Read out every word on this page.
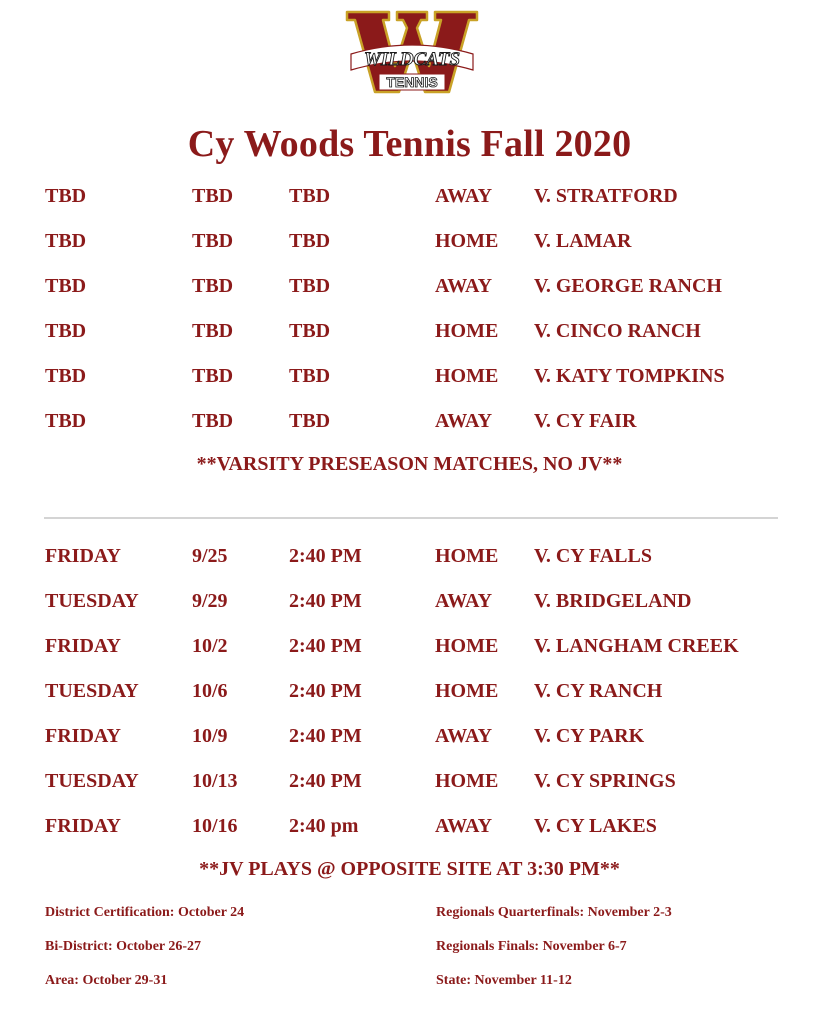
WILDCATS
TENNIS
Cy Woods Tennis Fall 2020
TBD	TBD	TBD	AWAY V. STRATFORD
TBD	TBD	TBD	HOME V. LAMAR
TBD	TBD	TBD	AWAY V. GEORGE RANCH
TBD	TBD	TBD	HOME V. CINCO RANCH
TBD	TBD	TBD	HOME V. KATY TOMPKINS
TBD	TBD	TBD	AWAY V. CY FAIR
**VARSITY PRESEASON MATCHES, NO JV**
FRIDAY	9/25	2:40 PM	HOME V. CY FALLS
TUESDAY	9/29	2:40 PM	AWAY V. BRIDGELAND
FRIDAY	10/2	2:40 PM	HOME V. LANGHAM CREEK
TUESDAY	10/6	2:40 PM	HOME V. CY RANCH
FRIDAY	10/9	2:40 PM	AWAY V. CY PARK
TUESDAY	10/13	2:40 PM	HOME V. CY SPRINGS
FRIDAY	10/16	2:40 pm	AWAY V. CY LAKES
**JV PLAYS @ OPPOSITE SITE AT 3:30 PM**
District Certification: October 24
Bi-District: October 26-27
Area: October 29-31
Regionals Quarterfinals: November 2-3
Regionals Finals: November 6-7
State: November 11-12
